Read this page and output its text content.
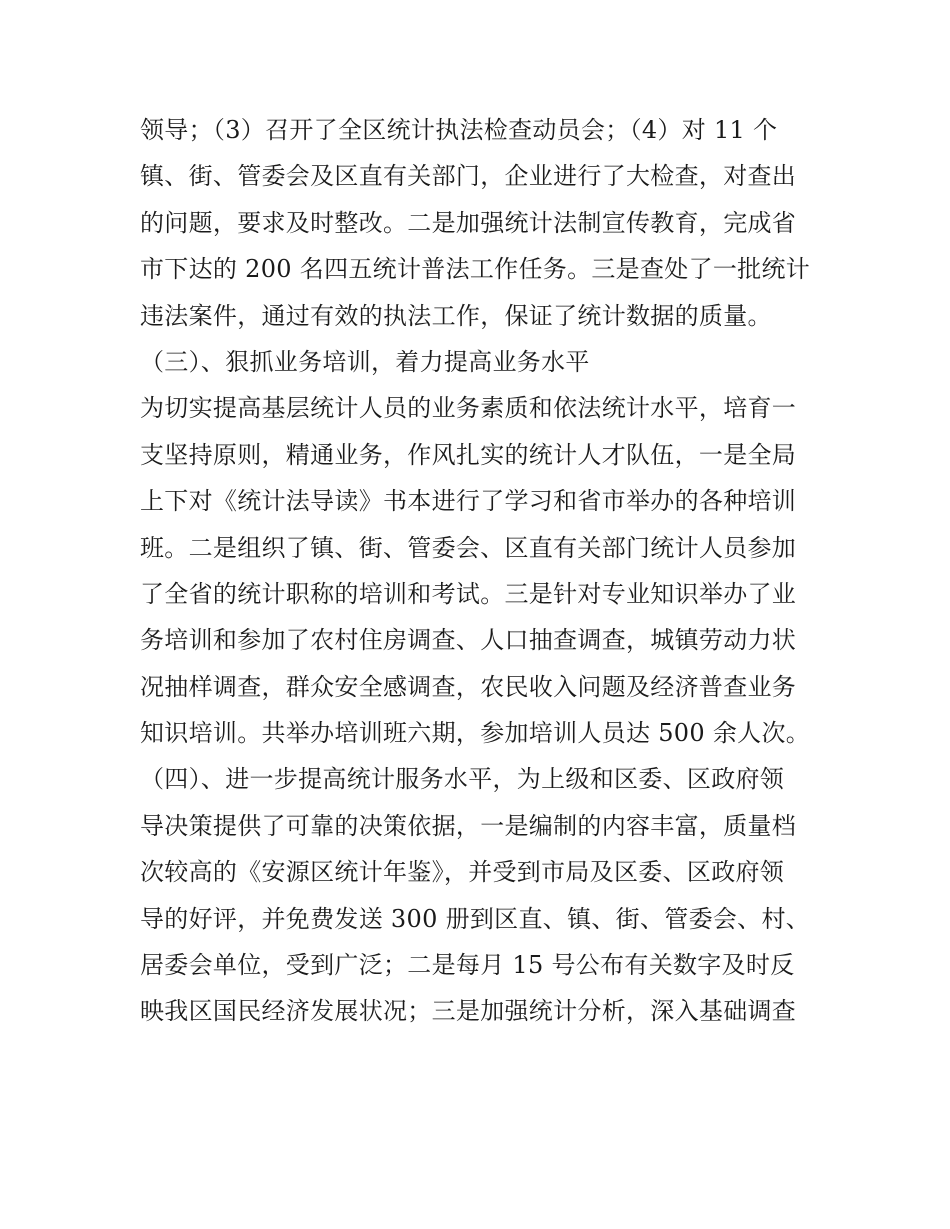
领导；（3）召开了全区统计执法检查动员会；（4）对 11 个
镇、街、管委会及区直有关部门，企业进行了大检查，对查出
的问题，要求及时整改。二是加强统计法制宣传教育，完成省
市下达的 200 名四五统计普法工作任务。三是查处了一批统计
违法案件，通过有效的执法工作，保证了统计数据的质量。
（三）、狠抓业务培训，着力提高业务水平
为切实提高基层统计人员的业务素质和依法统计水平，培育一
支坚持原则，精通业务，作风扎实的统计人才队伍，一是全局
上下对《统计法导读》书本进行了学习和省市举办的各种培训
班。二是组织了镇、街、管委会、区直有关部门统计人员参加
了全省的统计职称的培训和考试。三是针对专业知识举办了业
务培训和参加了农村住房调查、人口抽查调查，城镇劳动力状
况抽样调查，群众安全感调查，农民收入问题及经济普查业务
知识培训。共举办培训班六期，参加培训人员达 500 余人次。
（四）、进一步提高统计服务水平，为上级和区委、区政府领
导决策提供了可靠的决策依据，一是编制的内容丰富，质量档
次较高的《安源区统计年鉴》，并受到市局及区委、区政府领
导的好评，并免费发送 300 册到区直、镇、街、管委会、村、
居委会单位，受到广泛；二是每月 15 号公布有关数字及时反
映我区国民经济发展状况；三是加强统计分析，深入基础调查
